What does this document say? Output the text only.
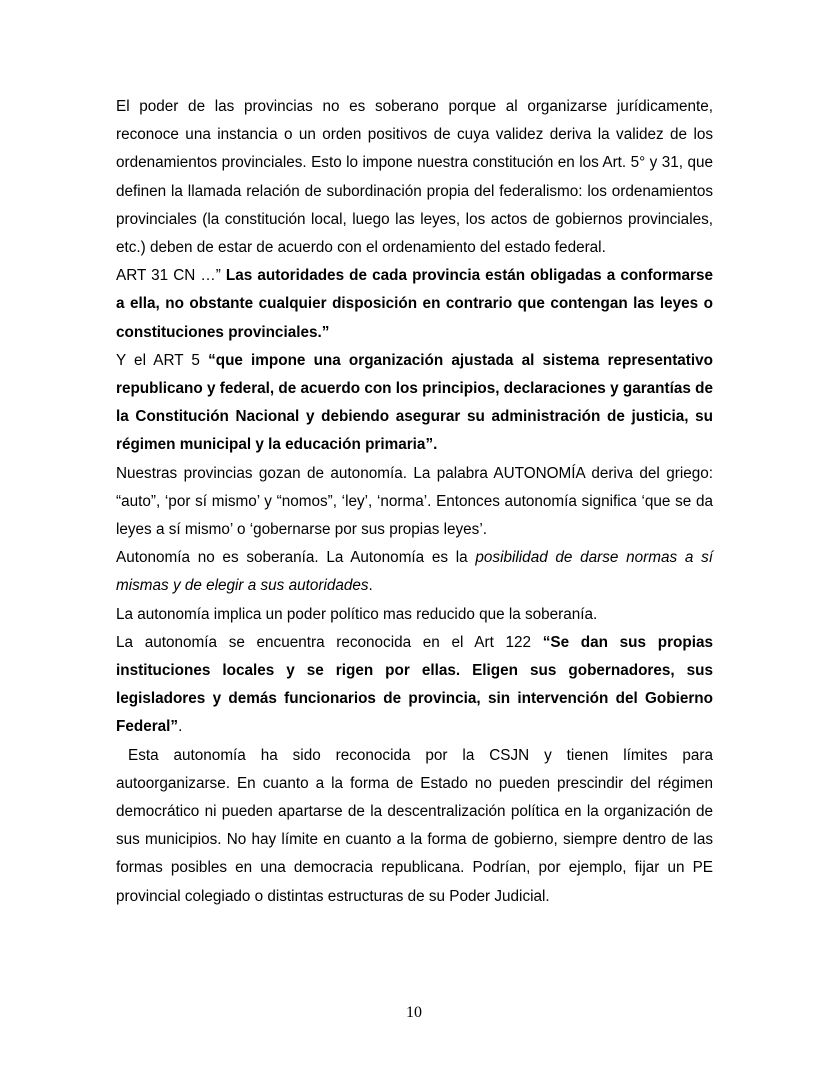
El poder de las provincias no es soberano porque al organizarse jurídicamente, reconoce una instancia o un orden positivos de cuya validez deriva la validez de los ordenamientos provinciales. Esto lo impone nuestra constitución en los Art. 5° y 31, que definen la llamada relación de subordinación propia del federalismo: los ordenamientos provinciales (la constitución local, luego las leyes, los actos de gobiernos provinciales, etc.) deben de estar de acuerdo con el ordenamiento del estado federal.

ART 31 CN …” Las autoridades de cada provincia están obligadas a conformarse a ella, no obstante cualquier disposición en contrario que contengan las leyes o constituciones provinciales.”

Y el ART 5 “que impone una organización ajustada al sistema representativo republicano y federal, de acuerdo con los principios, declaraciones y garantías de la Constitución Nacional y debiendo asegurar su administración de justicia, su régimen municipal y la educación primaria”.

Nuestras provincias gozan de autonomía. La palabra AUTONOMÍA deriva del griego: “auto”, ‘por sí mismo’ y “nomos”, ‘ley’, ‘norma’. Entonces autonomía significa ‘que se da leyes a sí mismo’ o ‘gobernarse por sus propias leyes’.

Autonomía no es soberanía. La Autonomía es la posibilidad de darse normas a sí mismas y de elegir a sus autoridades.

La autonomía implica un poder político mas reducido que la soberanía.

La autonomía se encuentra reconocida en el Art 122 “Se dan sus propias instituciones locales y se rigen por ellas. Eligen sus gobernadores, sus legisladores y demás funcionarios de provincia, sin intervención del Gobierno Federal”.

Esta autonomía ha sido reconocida por la CSJN y tienen límites para autoorganizarse. En cuanto a la forma de Estado no pueden prescindir del régimen democrático ni pueden apartarse de la descentralización política en la organización de sus municipios. No hay límite en cuanto a la forma de gobierno, siempre dentro de las formas posibles en una democracia republicana. Podrían, por ejemplo, fijar un PE provincial colegiado o distintas estructuras de su Poder Judicial.

10
